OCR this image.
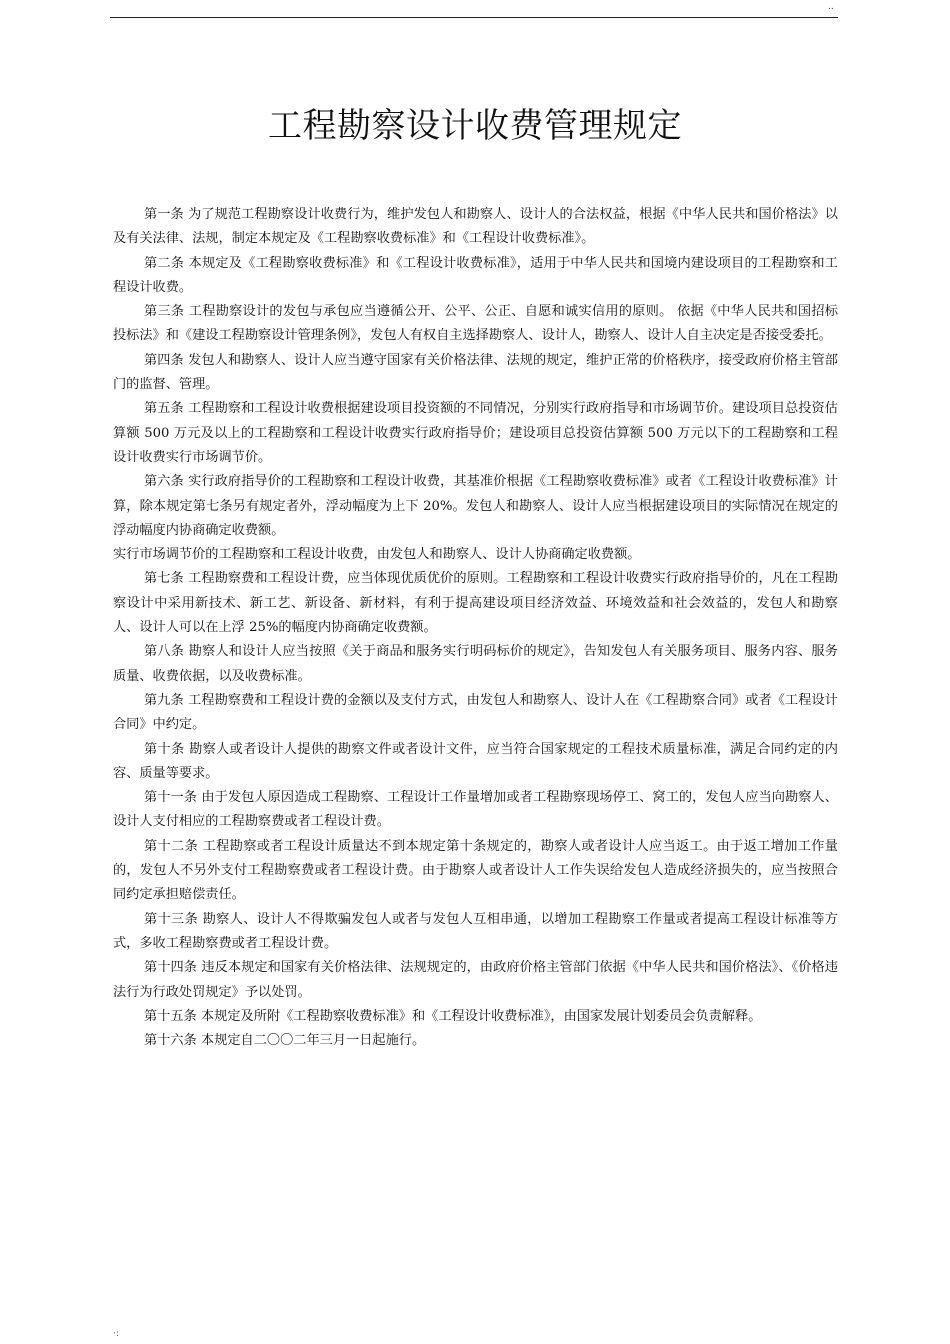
..
工程勘察设计收费管理规定

第一条 为了规范工程勘察设计收费行为，维护发包人和勘察人、设计人的合法权益，根据《中华人民共和国价格法》以及有关法律、法规，制定本规定及《工程勘察收费标准》和《工程设计收费标准》。

第二条 本规定及《工程勘察收费标准》和《工程设计收费标准》，适用于中华人民共和国境内建设项目的工程勘察和工程设计收费。

第三条 工程勘察设计的发包与承包应当遵循公开、公平、公正、自愿和诚实信用的原则。 依据《中华人民共和国招标投标法》和《建设工程勘察设计管理条例》，发包人有权自主选择勘察人、设计人，勘察人、设计人自主决定是否接受委托。

第四条 发包人和勘察人、设计人应当遵守国家有关价格法律、法规的规定，维护正常的价格秩序，接受政府价格主管部门的监督、管理。

第五条 工程勘察和工程设计收费根据建设项目投资额的不同情况，分别实行政府指导和市场调节价。建设项目总投资估算额 500 万元及以上的工程勘察和工程设计收费实行政府指导价；建设项目总投资估算额 500 万元以下的工程勘察和工程设计收费实行市场调节价。

第六条 实行政府指导价的工程勘察和工程设计收费，其基准价根据《工程勘察收费标准》或者《工程设计收费标准》计算，除本规定第七条另有规定者外，浮动幅度为上下 20%。发包人和勘察人、设计人应当根据建设项目的实际情况在规定的浮动幅度内协商确定收费额。

实行市场调节价的工程勘察和工程设计收费，由发包人和勘察人、设计人协商确定收费额。

第七条 工程勘察费和工程设计费，应当体现优质优价的原则。工程勘察和工程设计收费实行政府指导价的，凡在工程勘察设计中采用新技术、新工艺、新设备、新材料，有利于提高建设项目经济效益、环境效益和社会效益的，发包人和勘察人、设计人可以在上浮 25%的幅度内协商确定收费额。

第八条 勘察人和设计人应当按照《关于商品和服务实行明码标价的规定》，告知发包人有关服务项目、服务内容、服务质量、收费依据，以及收费标准。

第九条 工程勘察费和工程设计费的金额以及支付方式，由发包人和勘察人、设计人在《工程勘察合同》或者《工程设计合同》中约定。

第十条 勘察人或者设计人提供的勘察文件或者设计文件，应当符合国家规定的工程技术质量标准，满足合同约定的内容、质量等要求。

第十一条 由于发包人原因造成工程勘察、工程设计工作量增加或者工程勘察现场停工、窝工的，发包人应当向勘察人、设计人支付相应的工程勘察费或者工程设计费。

第十二条 工程勘察或者工程设计质量达不到本规定第十条规定的，勘察人或者设计人应当返工。由于返工增加工作量的，发包人不另外支付工程勘察费或者工程设计费。由于勘察人或者设计人工作失误给发包人造成经济损失的，应当按照合同约定承担赔偿责任。

第十三条 勘察人、设计人不得欺骗发包人或者与发包人互相串通，以增加工程勘察工作量或者提高工程设计标准等方式，多收工程勘察费或者工程设计费。

第十四条 违反本规定和国家有关价格法律、法规规定的，由政府价格主管部门依据《中华人民共和国价格法》、《价格违法行为行政处罚规定》予以处罚。

第十五条 本规定及所附《工程勘察收费标准》和《工程设计收费标准》，由国家发展计划委员会负责解释。

第十六条 本规定自二〇〇二年三月一日起施行。

·:
